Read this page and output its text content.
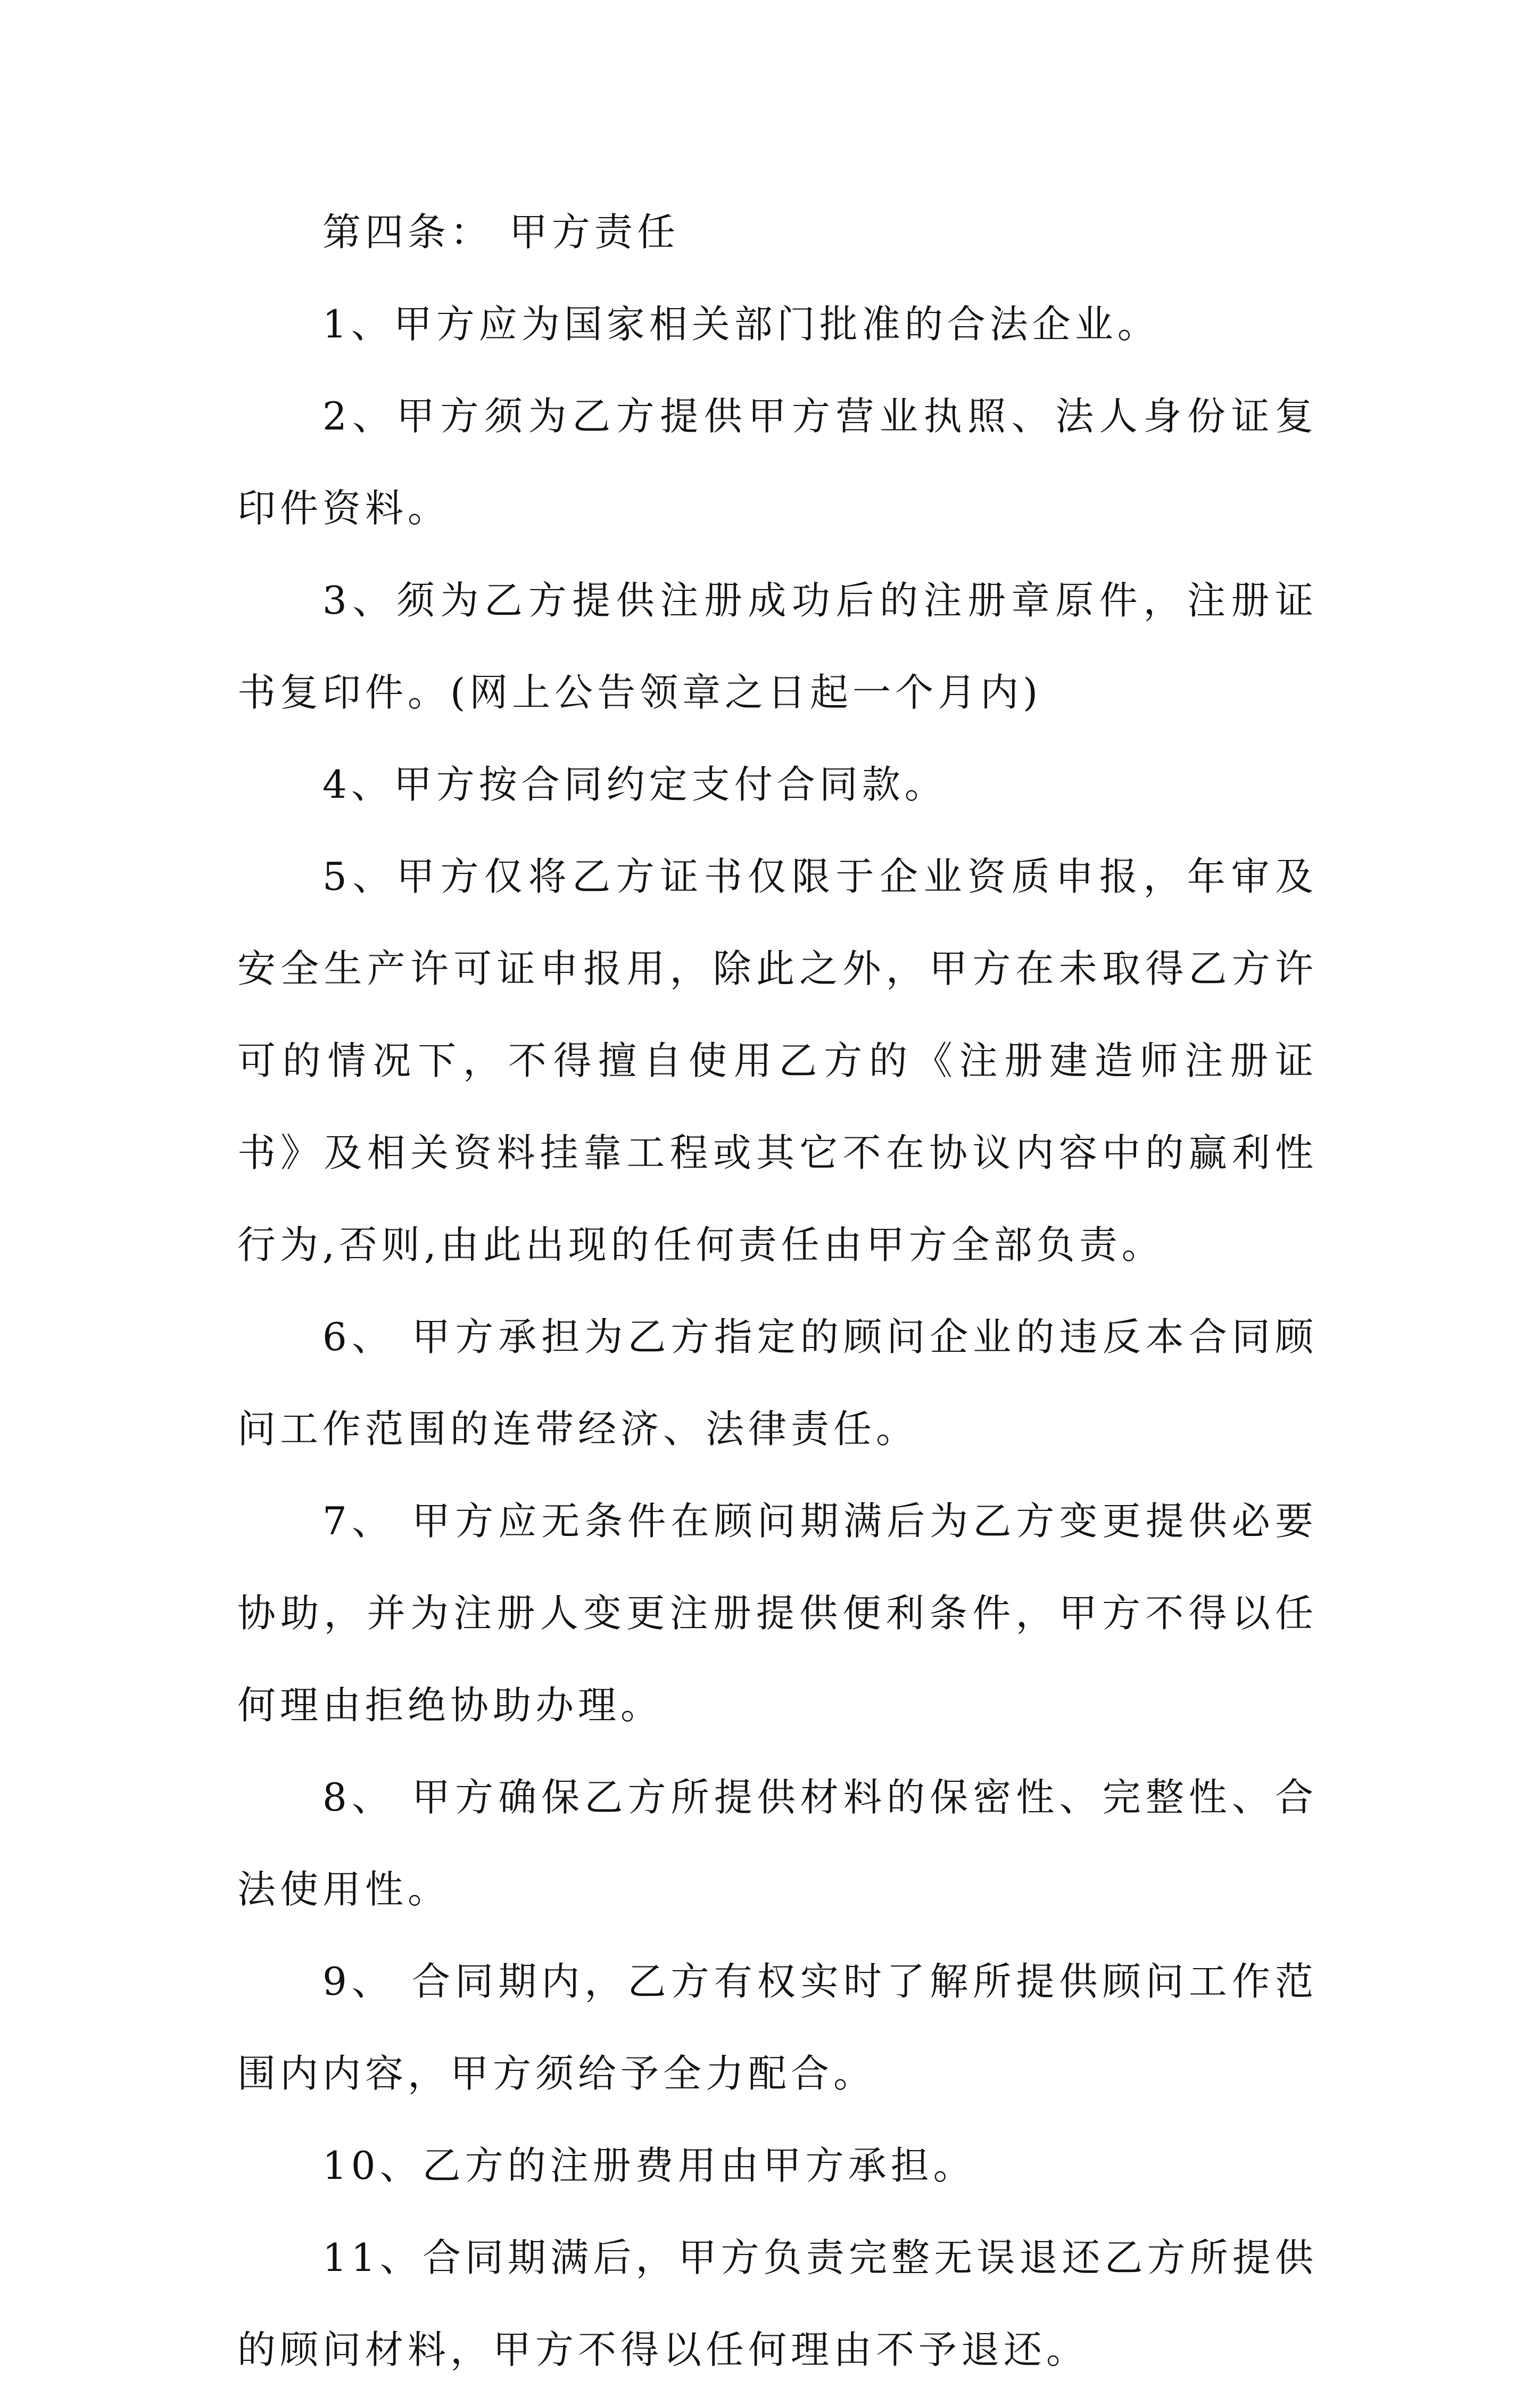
第四条： 甲方责任

1、甲方应为国家相关部门批准的合法企业。

2、甲方须为乙方提供甲方营业执照、法人身份证复印件资料。

3、须为乙方提供注册成功后的注册章原件，注册证书复印件。(网上公告领章之日起一个月内)

4、甲方按合同约定支付合同款。

5、甲方仅将乙方证书仅限于企业资质申报，年审及安全生产许可证申报用，除此之外，甲方在未取得乙方许可的情况下，不得擅自使用乙方的《注册建造师注册证书》及相关资料挂靠工程或其它不在协议内容中的赢利性行为,否则,由此出现的任何责任由甲方全部负责。

6、 甲方承担为乙方指定的顾问企业的违反本合同顾问工作范围的连带经济、法律责任。

7、 甲方应无条件在顾问期满后为乙方变更提供必要协助，并为注册人变更注册提供便利条件，甲方不得以任何理由拒绝协助办理。

8、 甲方确保乙方所提供材料的保密性、完整性、合法使用性。

9、 合同期内，乙方有权实时了解所提供顾问工作范围内内容，甲方须给予全力配合。

10、乙方的注册费用由甲方承担。

11、合同期满后，甲方负责完整无误退还乙方所提供的顾问材料，甲方不得以任何理由不予退还。
